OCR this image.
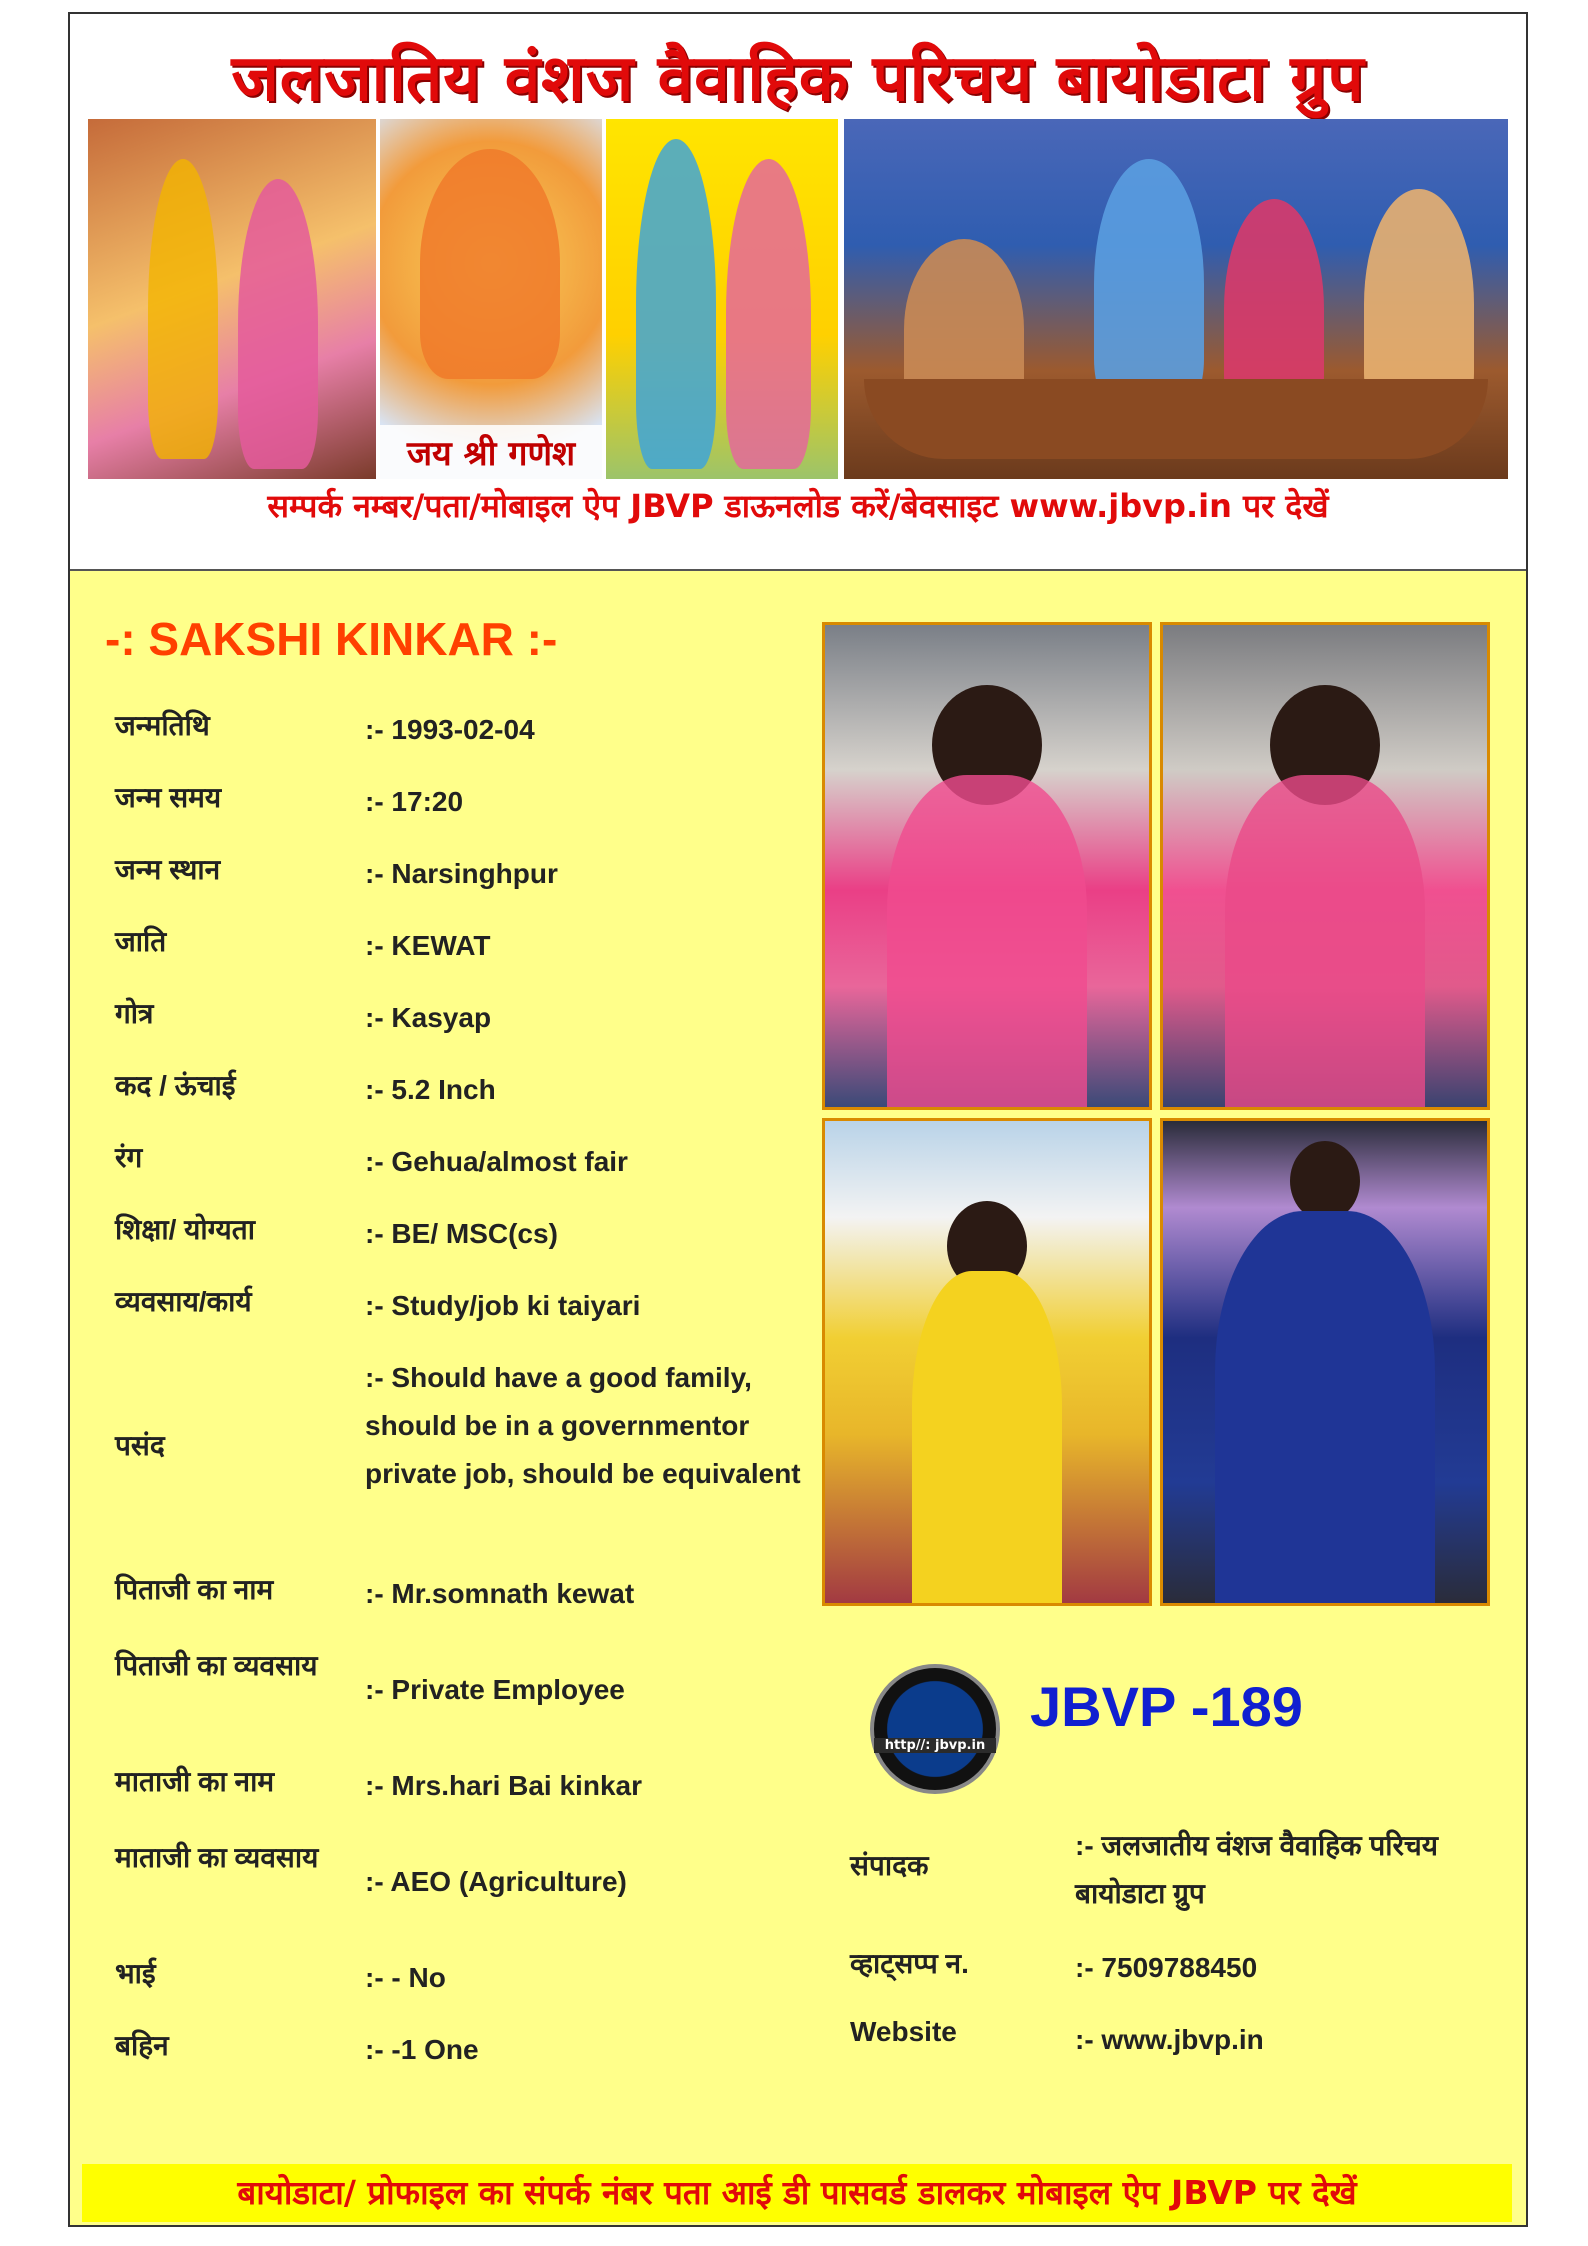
जलजातिय वंशज वैवाहिक परिचय बायोडाटा ग्रुप
जय श्री गणेश
सम्पर्क नम्बर/पता/मोबाइल ऐप JBVP डाऊनलोड करें/बेवसाइट www.jbvp.in पर देखें
-: SAKSHI KINKAR :-
जन्मतिथि	:- 1993-02-04
जन्म समय	:- 17:20
जन्म स्थान	:- Narsinghpur
जाति	:- KEWAT
गोत्र	:- Kasyap
कद / ऊंचाई	:- 5.2 Inch
रंग	:- Gehua/almost fair
शिक्षा/ योग्यता	:- BE/ MSC(cs)
व्यवसाय/कार्य	:- Study/job ki taiyari
पसंद
:- Should have a good family, should be in a governmentor private job, should be equivalent
पिताजी का नाम	:- Mr.somnath kewat
पिताजी का व्यवसाय
:- Private Employee
माताजी का नाम	:- Mrs.hari Bai kinkar
माताजी का व्यवसाय
:- AEO (Agriculture)
भाई	:- - No
बहिन	:- -1 One
http//: jbvp.in
JBVP -189
संपादक
:- जलजातीय वंशज वैवाहिक परिचय बायोडाटा ग्रुप
व्हाट्सप्प न.	:- 7509788450
Website	:- www.jbvp.in
बायोडाटा/ प्रोफाइल का संपर्क नंबर पता आई डी पासवर्ड डालकर मोबाइल ऐप JBVP पर देखें
